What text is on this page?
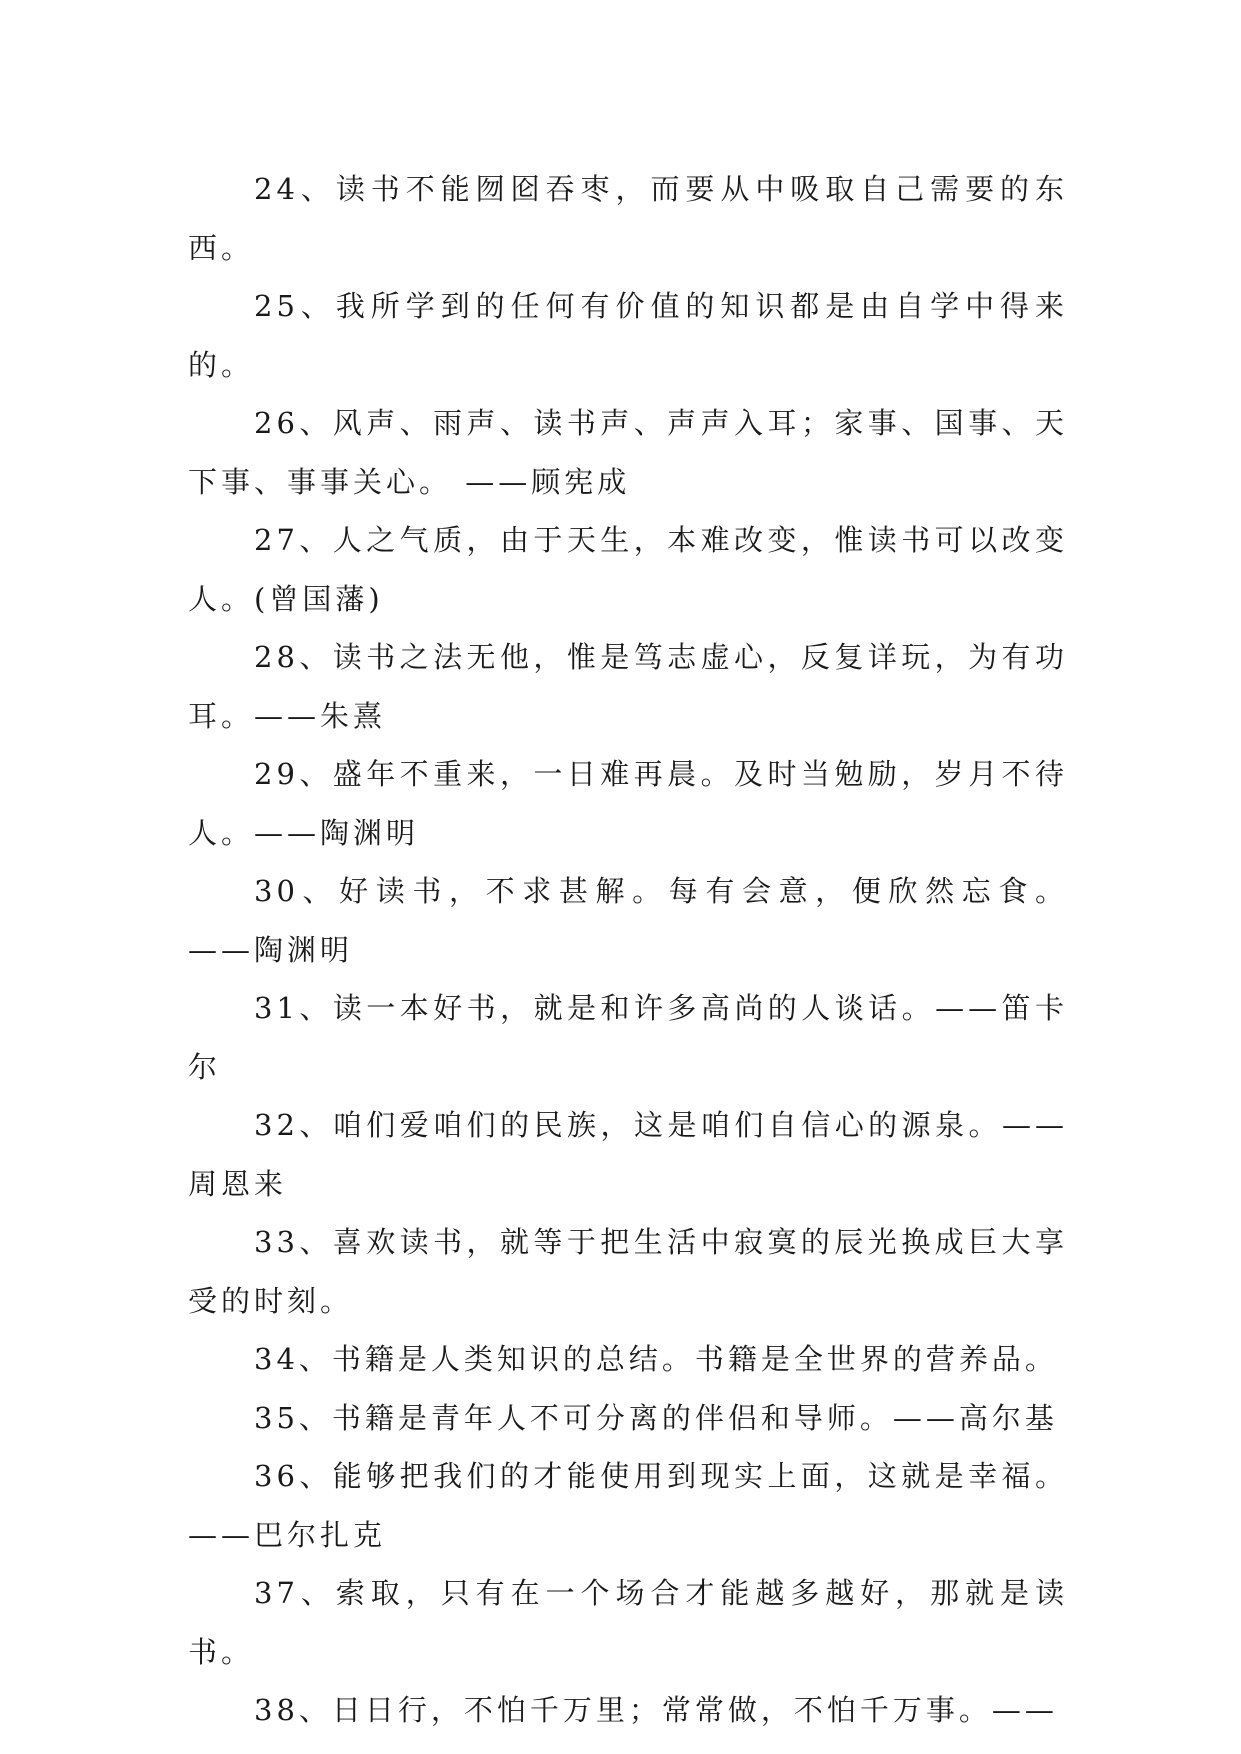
24、读书不能囫囵吞枣，而要从中吸取自己需要的东西。

25、我所学到的任何有价值的知识都是由自学中得来的。

26、风声、雨声、读书声、声声入耳；家事、国事、天下事、事事关心。 ——顾宪成

27、人之气质，由于天生，本难改变，惟读书可以改变人。(曾国藩)

28、读书之法无他，惟是笃志虚心，反复详玩，为有功耳。——朱熹

29、盛年不重来，一日难再晨。及时当勉励，岁月不待人。——陶渊明

30、好读书，不求甚解。每有会意，便欣然忘食。 ——陶渊明

31、读一本好书，就是和许多高尚的人谈话。——笛卡尔

32、咱们爱咱们的民族，这是咱们自信心的源泉。——周恩来

33、喜欢读书，就等于把生活中寂寞的辰光换成巨大享受的时刻。

34、书籍是人类知识的总结。书籍是全世界的营养品。

35、书籍是青年人不可分离的伴侣和导师。——高尔基

36、能够把我们的才能使用到现实上面，这就是幸福。——巴尔扎克

37、索取，只有在一个场合才能越多越好，那就是读书。

38、日日行，不怕千万里；常常做，不怕千万事。——
